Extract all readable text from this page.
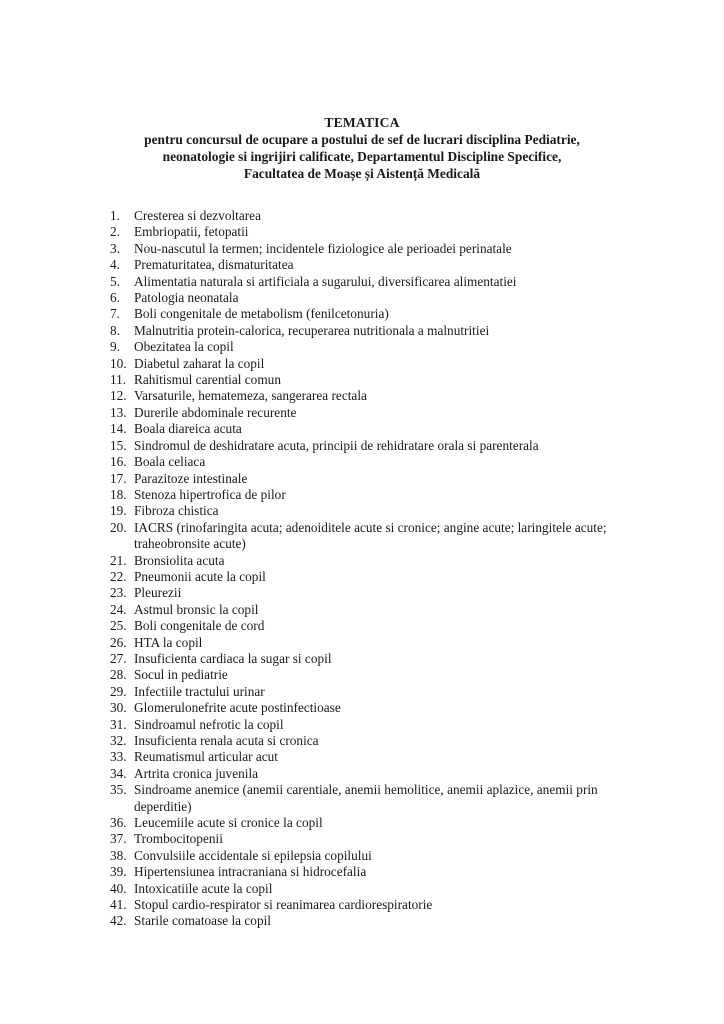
TEMATICA
pentru concursul de ocupare a postului de sef de lucrari disciplina Pediatrie,
neonatologie si ingrijiri calificate, Departamentul Discipline Specifice,
Facultatea de Moașe și Aistență Medicală
1.	Cresterea si dezvoltarea
2.	Embriopatii, fetopatii
3.	Nou-nascutul la termen; incidentele fiziologice ale perioadei perinatale
4.	Prematuritatea, dismaturitatea
5.	Alimentatia naturala si artificiala a sugarului, diversificarea alimentatiei
6.	Patologia neonatala
7.	Boli congenitale de metabolism (fenilcetonuria)
8.	Malnutritia protein-calorica, recuperarea nutritionala a malnutritiei
9.	Obezitatea la copil
10. Diabetul zaharat la copil
11. Rahitismul carential comun
12. Varsaturile, hematemeza, sangerarea rectala
13. Durerile abdominale recurente
14. Boala diareica acuta
15. Sindromul de deshidratare acuta, principii de rehidratare orala si parenterala
16. Boala celiaca
17. Parazitoze intestinale
18. Stenoza hipertrofica de pilor
19. Fibroza chistica
20. IACRS (rinofaringita acuta; adenoiditele acute si cronice; angine acute; laringitele acute; traheobronsite acute)
21. Bronsiolita acuta
22. Pneumonii acute la copil
23. Pleurezii
24. Astmul bronsic la copil
25. Boli congenitale de cord
26. HTA la copil
27. Insuficienta cardiaca la sugar si copil
28. Socul in pediatrie
29. Infectiile tractului urinar
30. Glomerulonefrite acute postinfectioase
31. Sindroamul nefrotic la copil
32. Insuficienta renala acuta si cronica
33. Reumatismul articular acut
34. Artrita cronica juvenila
35. Sindroame anemice (anemii carentiale, anemii hemolitice, anemii aplazice, anemii prin deperditie)
36. Leucemiile acute si cronice la copil
37. Trombocitopenii
38. Convulsiile accidentale si epilepsia copilului
39. Hipertensiunea intracraniana si hidrocefalia
40. Intoxicatiile acute la copil
41. Stopul cardio-respirator si reanimarea cardiorespiratorie
42. Starile comatoase la copil
